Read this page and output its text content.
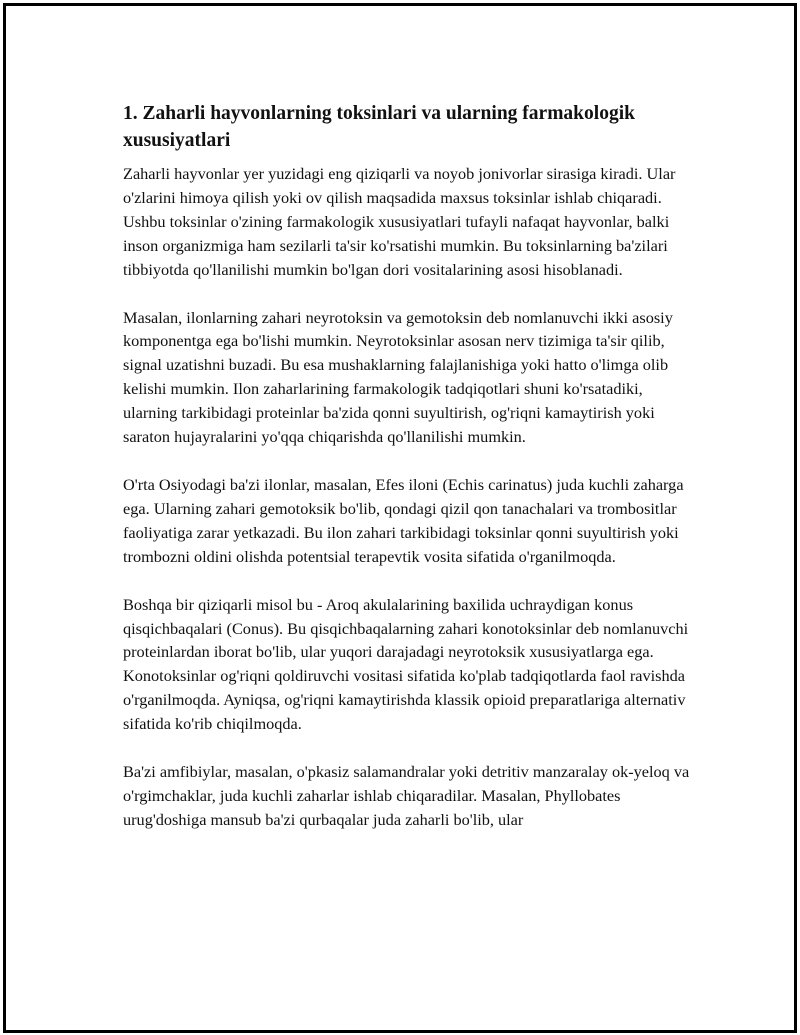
1. Zaharli hayvonlarning toksinlari va ularning farmakologik xususiyatlari

Zaharli hayvonlar yer yuzidagi eng qiziqarli va noyob jonivorlar sirasiga kiradi. Ular o'zlarini himoya qilish yoki ov qilish maqsadida maxsus toksinlar ishlab chiqaradi. Ushbu toksinlar o'zining farmakologik xususiyatlari tufayli nafaqat hayvonlar, balki inson organizmiga ham sezilarli ta'sir ko'rsatishi mumkin. Bu toksinlarning ba'zilari tibbiyotda qo'llanilishi mumkin bo'lgan dori vositalarining asosi hisoblanadi.

Masalan, ilonlarning zahari neyrotoksin va gemotoksin deb nomlanuvchi ikki asosiy komponentga ega bo'lishi mumkin. Neyrotoksinlar asosan nerv tizimiga ta'sir qilib, signal uzatishni buzadi. Bu esa mushaklarning falajlanishiga yoki hatto o'limga olib kelishi mumkin. Ilon zaharlarining farmakologik tadqiqotlari shuni ko'rsatadiki, ularning tarkibidagi proteinlar ba'zida qonni suyultirish, og'riqni kamaytirish yoki saraton hujayralarini yo'qqa chiqarishda qo'llanilishi mumkin.

O'rta Osiyodagi ba'zi ilonlar, masalan, Efes iloni (Echis carinatus) juda kuchli zaharga ega. Ularning zahari gemotoksik bo'lib, qondagi qizil qon tanachalari va trombositlar faoliyatiga zarar yetkazadi. Bu ilon zahari tarkibidagi toksinlar qonni suyultirish yoki trombozni oldini olishda potentsial terapevtik vosita sifatida o'rganilmoqda.

Boshqa bir qiziqarli misol bu - Aroq akulalarining baxilida uchraydigan konus qisqichbaqalari (Conus). Bu qisqichbaqalarning zahari konotoksinlar deb nomlanuvchi proteinlardan iborat bo'lib, ular yuqori darajadagi neyrotoksik xususiyatlarga ega. Konotoksinlar og'riqni qoldiruvchi vositasi sifatida ko'plab tadqiqotlarda faol ravishda o'rganilmoqda. Ayniqsa, og'riqni kamaytirishda klassik opioid preparatlariga alternativ sifatida ko'rib chiqilmoqda.

Ba'zi amfibiylar, masalan, o'pkasiz salamandralar yoki detritiv manzaralay ok-yeloq va o'rgimchaklar, juda kuchli zaharlar ishlab chiqaradilar. Masalan, Phyllobates urug'doshiga mansub ba'zi qurbaqalar juda zaharli bo'lib, ular
